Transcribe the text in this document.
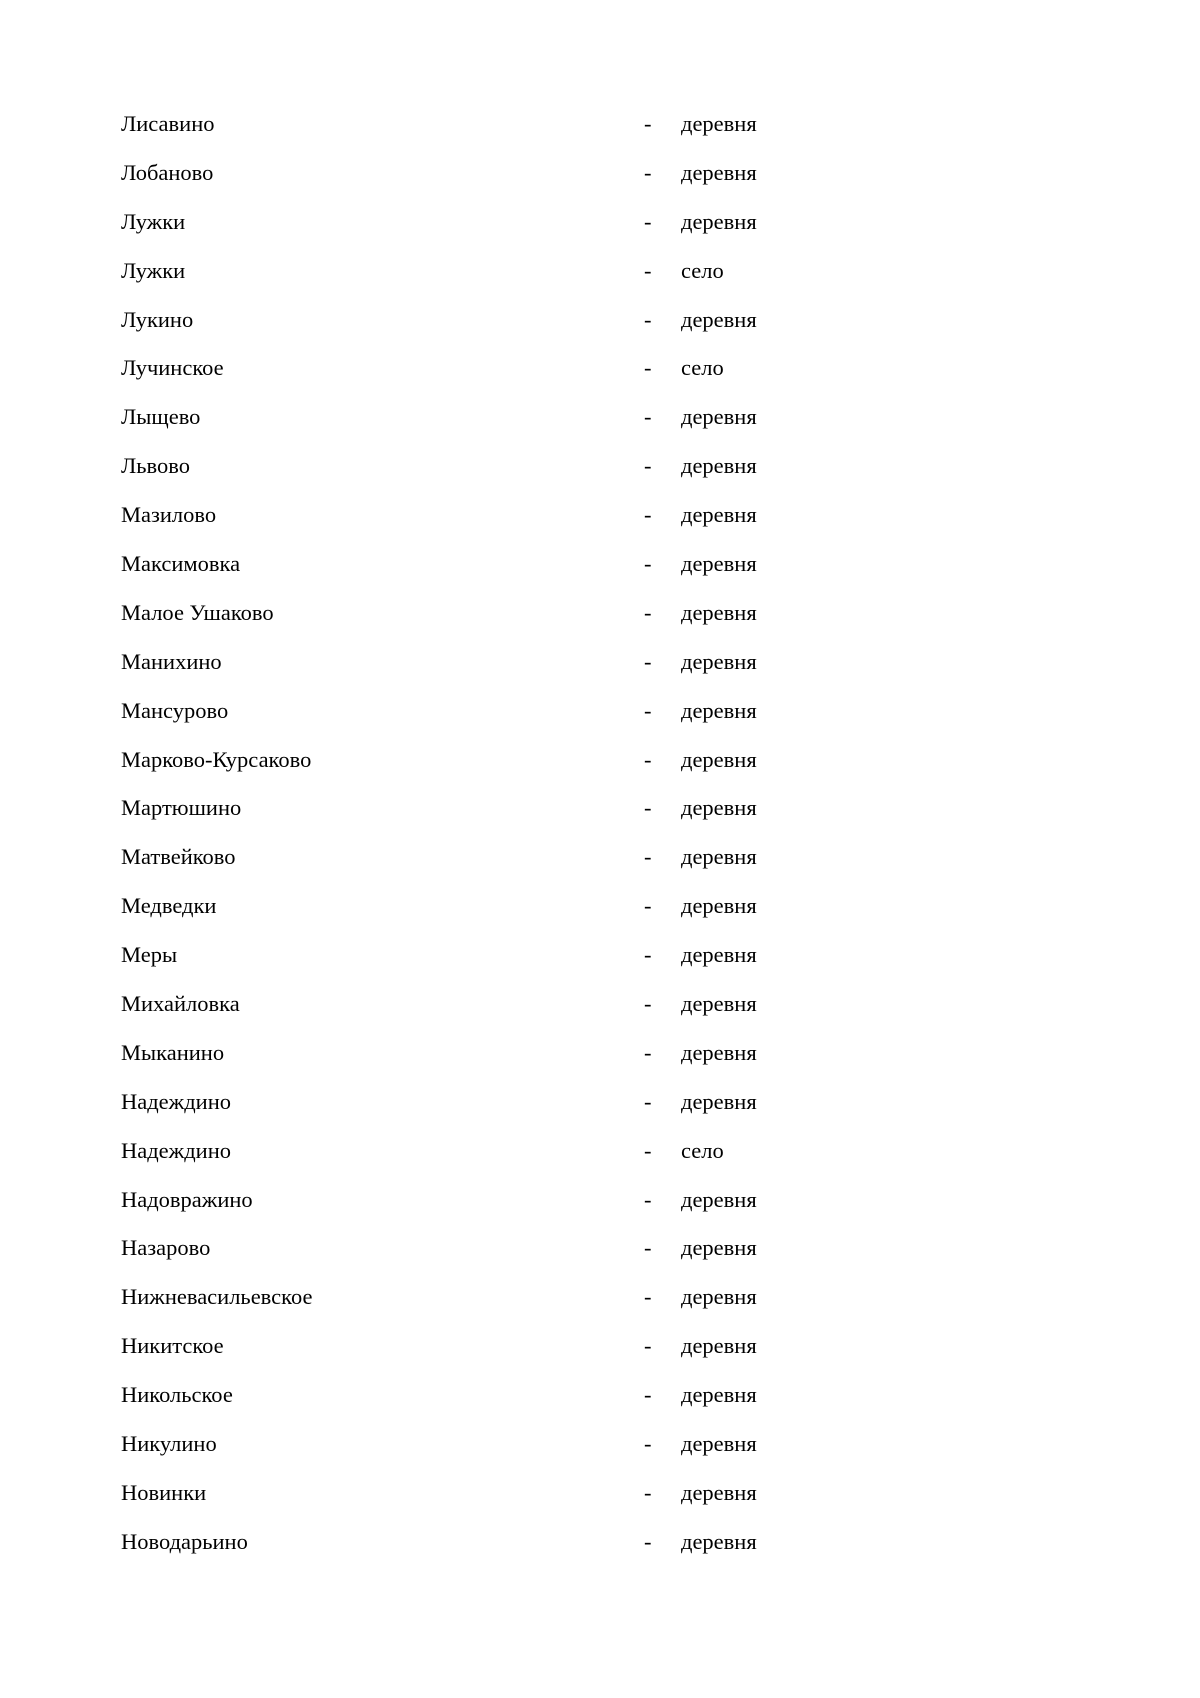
Лисавино	- деревня
Лобаново	- деревня
Лужки	- деревня
Лужки	- село
Лукино	- деревня
Лучинское	- село
Лыщево	- деревня
Львово	- деревня
Мазилово	- деревня
Максимовка	- деревня
Малое Ушаково	- деревня
Манихино	- деревня
Мансурово	- деревня
Марково-Курсаково	- деревня
Мартюшино	- деревня
Матвейково	- деревня
Медведки	- деревня
Меры	- деревня
Михайловка	- деревня
Мыканино	- деревня
Надеждино	- деревня
Надеждино	- село
Надовражино	- деревня
Назарово	- деревня
Нижневасильевское	- деревня
Никитское	- деревня
Никольское	- деревня
Никулино	- деревня
Новинки	- деревня
Новодарьино	- деревня
